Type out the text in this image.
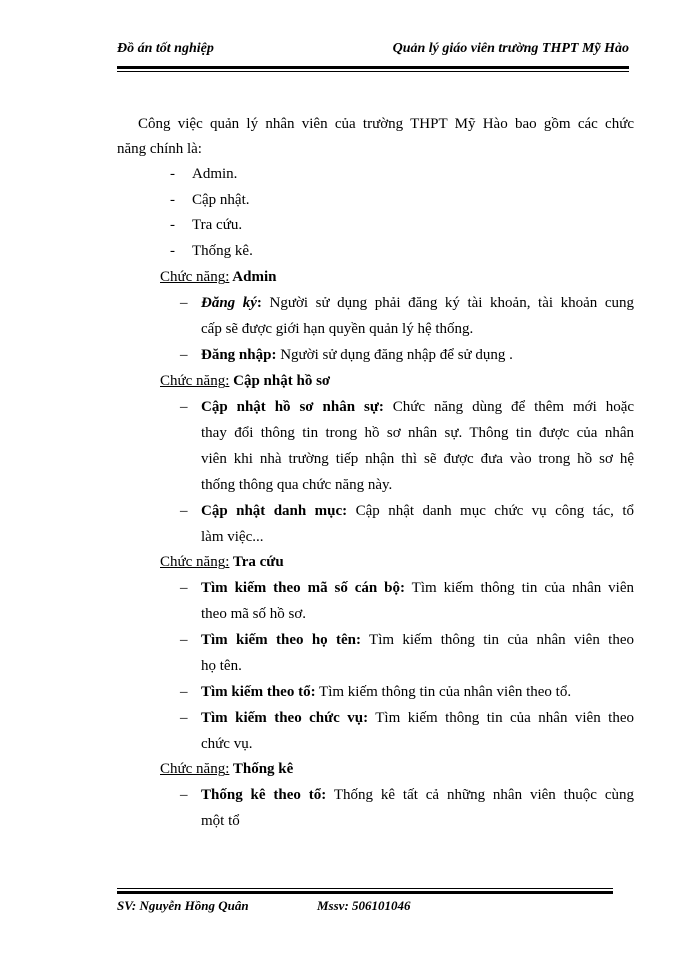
Đồ án tốt nghiệp	Quản lý giáo viên trường THPT Mỹ Hào
Công việc quản lý nhân viên của trường THPT Mỹ Hào bao gồm các chức
năng chính là:
- Admin.
- Cập nhật.
- Tra cứu.
- Thống kê.
Chức năng: Admin
– Đăng ký: Người sử dụng phải đăng ký tài khoản, tài khoản cung
cấp sẽ được giới hạn quyền quản lý hệ thống.
– Đăng nhập: Người sử dụng đăng nhập để sử dụng .
Chức năng: Cập nhật hồ sơ
– Cập nhật hồ sơ nhân sự: Chức năng dùng để thêm mới hoặc
thay đổi thông tin trong hồ sơ nhân sự. Thông tin được của nhân
viên khi nhà trường tiếp nhận thì sẽ được đưa vào trong hồ sơ hệ
thống thông qua chức năng này.
– Cập nhật danh mục: Cập nhật danh mục chức vụ công tác, tổ
làm việc...
Chức năng: Tra cứu
– Tìm kiếm theo mã số cán bộ: Tìm kiếm thông tin của nhân viên
theo mã số hồ sơ.
– Tìm kiếm theo họ tên: Tìm kiếm thông tin của nhân viên theo
họ tên.
– Tìm kiếm theo tổ: Tìm kiếm thông tin của nhân viên theo tổ.
– Tìm kiếm theo chức vụ: Tìm kiếm thông tin của nhân viên theo
chức vụ.
Chức năng: Thống kê
– Thống kê theo tổ: Thống kê tất cả những nhân viên thuộc cùng
một tổ
SV: Nguyễn Hồng Quân	Mssv: 506101046
